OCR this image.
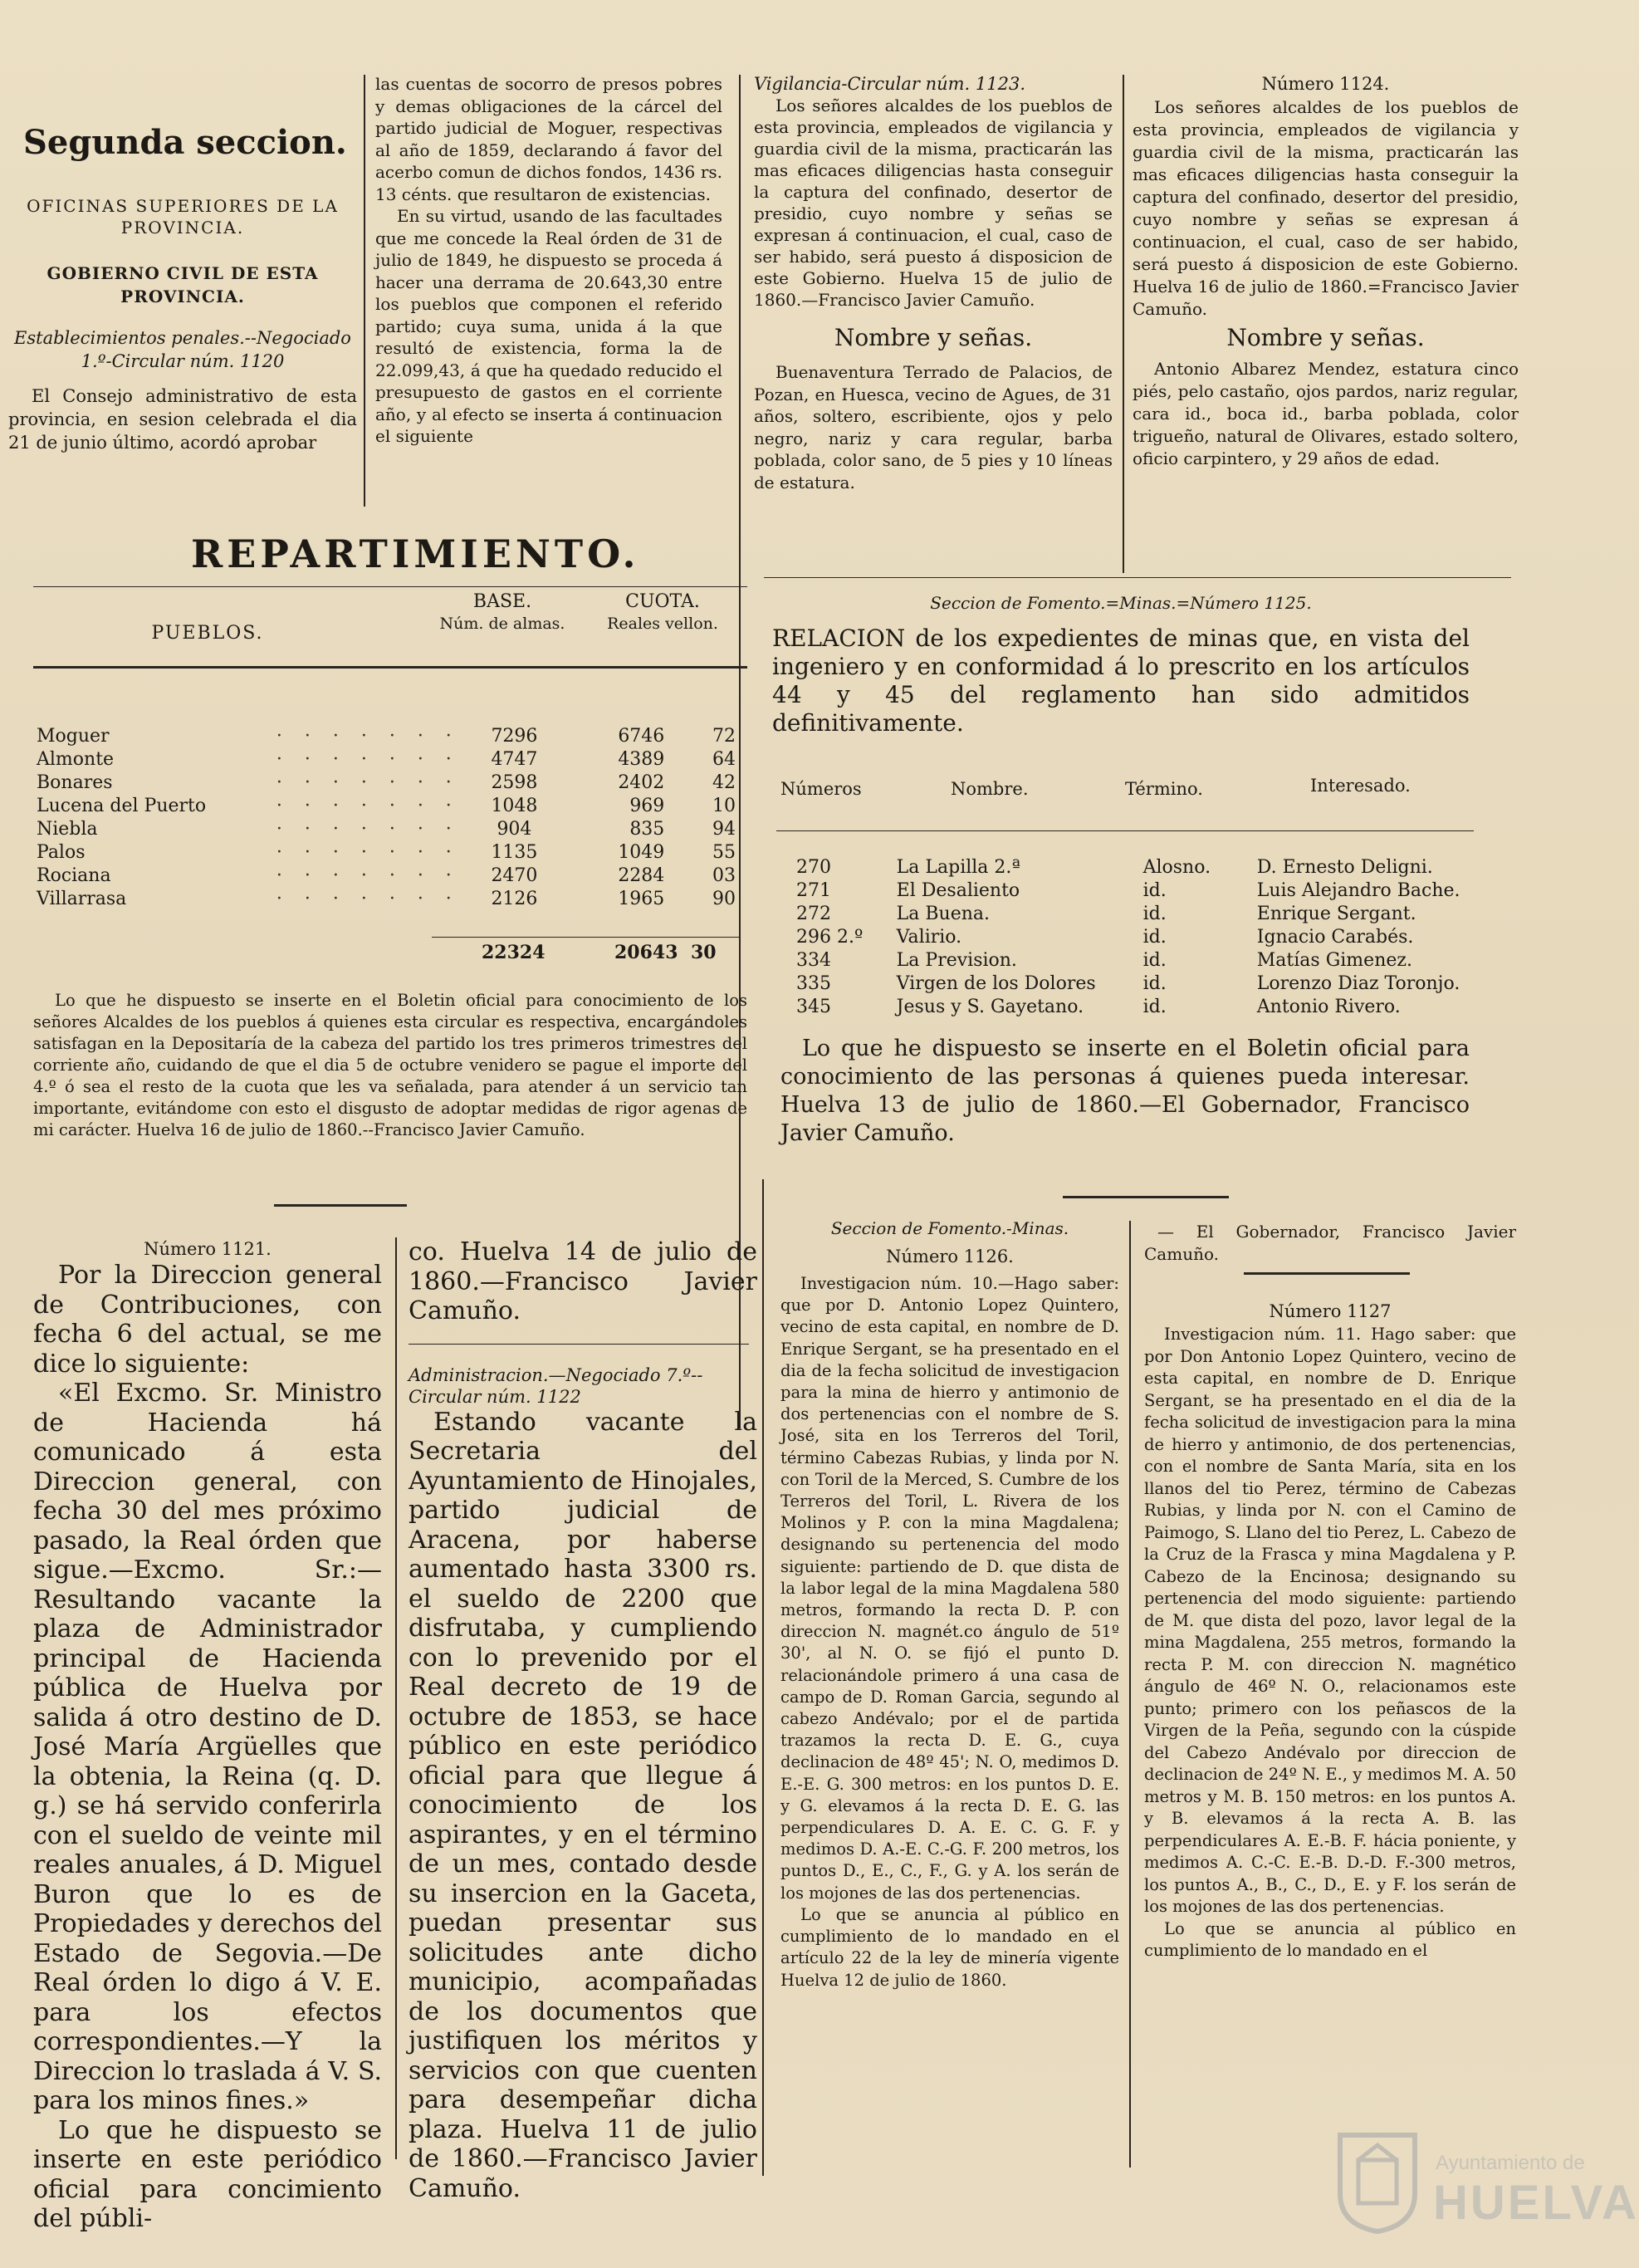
Segunda seccion.
OFICINAS SUPERIORES DE LA PROVINCIA.
GOBIERNO CIVIL DE ESTA PROVINCIA.
Establecimientos penales.--Negociado 1.º-Circular núm. 1120

El Consejo administrativo de esta provincia, en sesion celebrada el dia 21 de junio último, acordó aprobar

las cuentas de socorro de presos pobres y demas obligaciones de la cárcel del partido judicial de Moguer, respectivas al año de 1859, declarando á favor del acerbo comun de dichos fondos, 1436 rs. 13 cénts. que resultaron de existencias.

En su virtud, usando de las facultades que me concede la Real órden de 31 de julio de 1849, he dispuesto se proceda á hacer una derrama de 20.643,30 entre los pueblos que componen el referido partido; cuya suma, unida á la que resultó de existencia, forma la de 22.099,43, á que ha quedado reducido el presupuesto de gastos en el corriente año, y al efecto se inserta á continuacion el siguiente

Vigilancia-Circular núm. 1123.

Los señores alcaldes de los pueblos de esta provincia, empleados de vigilancia y guardia civil de la misma, practicarán las mas eficaces diligencias hasta conseguir la captura del confinado, desertor de presidio, cuyo nombre y señas se expresan á continuacion, el cual, caso de ser habido, será puesto á disposicion de este Gobierno. Huelva 15 de julio de 1860.—Francisco Javier Camuño.

Nombre y señas.

Buenaventura Terrado de Palacios, de Pozan, en Huesca, vecino de Agues, de 31 años, soltero, escribiente, ojos y pelo negro, nariz y cara regular, barba poblada, color sano, de 5 pies y 10 líneas de estatura.

Número 1124.

Los señores alcaldes de los pueblos de esta provincia, empleados de vigilancia y guardia civil de la misma, practicarán las mas eficaces diligencias hasta conseguir la captura del confinado, desertor del presidio, cuyo nombre y señas se expresan á continuacion, el cual, caso de ser habido, será puesto á disposicion de este Gobierno. Huelva 16 de julio de 1860.=Francisco Javier Camuño.

Nombre y señas.

Antonio Albarez Mendez, estatura cinco piés, pelo castaño, ojos pardos, nariz regular, cara id., boca id., barba poblada, color trigueño, natural de Olivares, estado soltero, oficio carpintero, y 29 años de edad.

REPARTIMIENTO.
BASE.	CUOTA.
PUEBLOS.	Núm. de almas.	Reales vellon.
Moguer	· · · · · · ·	7296	6746	72
Almonte	· · · · · · ·	4747	4389	64
Bonares	· · · · · · ·	2598	2402	42
Lucena del Puerto	· · · · · · ·	1048	969	10
Niebla	· · · · · · ·	904	835	94
Palos	· · · · · · ·	1135	1049	55
Rociana	· · · · · · ·	2470	2284	03
Villarrasa	· · · · · · ·	2126	1965	90
22324	20643 30

Lo que he dispuesto se inserte en el Boletin oficial para conocimiento de los señores Alcaldes de los pueblos á quienes esta circular es respectiva, encargándoles satisfagan en la Depositaría de la cabeza del partido los tres primeros trimestres del corriente año, cuidando de que el dia 5 de octubre venidero se pague el importe del 4.º ó sea el resto de la cuota que les va señalada, para atender á un servicio tan importante, evitándome con esto el disgusto de adoptar medidas de rigor agenas de mi carácter. Huelva 16 de julio de 1860.--Francisco Javier Camuño.

Seccion de Fomento.=Minas.=Número 1125.

RELACION de los expedientes de minas que, en vista del ingeniero y en conformidad á lo prescrito en los artículos 44 y 45 del reglamento han sido admitidos definitivamente.

Números	Nombre.	Término.	Interesado.
270	La Lapilla 2.ª	Alosno.	D. Ernesto Deligni.
271	El Desaliento	id.	Luis Alejandro Bache.
272	La Buena.	id.	Enrique Sergant.
296 2.º	Valirio.	id.	Ignacio Carabés.
334	La Prevision.	id.	Matías Gimenez.
335	Virgen de los Dolores	id.	Lorenzo Diaz Toronjo.
345	Jesus y S. Gayetano.	id.	Antonio Rivero.

Lo que he dispuesto se inserte en el Boletin oficial para conocimiento de las personas á quienes pueda interesar. Huelva 13 de julio de 1860.—El Gobernador, Francisco Javier Camuño.

Número 1121.

Por la Direccion general de Contribuciones, con fecha 6 del actual, se me dice lo siguiente:

«El Excmo. Sr. Ministro de Hacienda há comunicado á esta Direccion general, con fecha 30 del mes próximo pasado, la Real órden que sigue.—Excmo. Sr.:—Resultando vacante la plaza de Administrador principal de Hacienda pública de Huelva por salida á otro destino de D. José María Argüelles que la obtenia, la Reina (q. D. g.) se há servido conferirla con el sueldo de veinte mil reales anuales, á D. Miguel Buron que lo es de Propiedades y derechos del Estado de Segovia.—De Real órden lo digo á V. E. para los efectos correspondientes.—Y la Direccion lo traslada á V. S. para los minos fines.»

Lo que he dispuesto se inserte en este periódico oficial para concimiento del públi-

co. Huelva 14 de julio de 1860.—Francisco Javier Camuño.

Administracion.—Negociado 7.º--Circular núm. 1122

Estando vacante la Secretaria del Ayuntamiento de Hinojales, partido judicial de Aracena, por haberse aumentado hasta 3300 rs. el sueldo de 2200 que disfrutaba, y cumpliendo con lo prevenido por el Real decreto de 19 de octubre de 1853, se hace público en este periódico oficial para que llegue á conocimiento de los aspirantes, y en el término de un mes, contado desde su insercion en la Gaceta, puedan presentar sus solicitudes ante dicho municipio, acompañadas de los documentos que justifiquen los méritos y servicios con que cuenten para desempeñar dicha plaza. Huelva 11 de julio de 1860.—Francisco Javier Camuño.

Seccion de Fomento.-Minas.
Número 1126.

Investigacion núm. 10.—Hago saber: que por D. Antonio Lopez Quintero, vecino de esta capital, en nombre de D. Enrique Sergant, se ha presentado en el dia de la fecha solicitud de investigacion para la mina de hierro y antimonio de dos pertenencias con el nombre de S. José, sita en los Terreros del Toril, término Cabezas Rubias, y linda por N. con Toril de la Merced, S. Cumbre de los Terreros del Toril, L. Rivera de los Molinos y P. con la mina Magdalena; designando su pertenencia del modo siguiente: partiendo de D. que dista de la labor legal de la mina Magdalena 580 metros, formando la recta D. P. con direccion N. magnét.co ángulo de 51º 30', al N. O. se fijó el punto D. relacionándole primero á una casa de campo de D. Roman Garcia, segundo al cabezo Andévalo; por el de partida trazamos la recta D. E. G., cuya declinacion de 48º 45'; N. O, medimos D. E.-E. G. 300 metros: en los puntos D. E. y G. elevamos á la recta D. E. G. las perpendiculares D. A. E. C. G. F. y medimos D. A.-E. C.-G. F. 200 metros, los puntos D., E., C., F., G. y A. los serán de los mojones de las dos pertenencias.

Lo que se anuncia al público en cumplimiento de lo mandado en el artículo 22 de la ley de minería vigente Huelva 12 de julio de 1860.

— El Gobernador, Francisco Javier Camuño.

Número 1127

Investigacion núm. 11. Hago saber: que por Don Antonio Lopez Quintero, vecino de esta capital, en nombre de D. Enrique Sergant, se ha presentado en el dia de la fecha solicitud de investigacion para la mina de hierro y antimonio, de dos pertenencias, con el nombre de Santa María, sita en los llanos del tio Perez, término de Cabezas Rubias, y linda por N. con el Camino de Paimogo, S. Llano del tio Perez, L. Cabezo de la Cruz de la Frasca y mina Magdalena y P. Cabezo de la Encinosa; designando su pertenencia del modo siguiente: partiendo de M. que dista del pozo, lavor legal de la mina Magdalena, 255 metros, formando la recta P. M. con direccion N. magnético ángulo de 46º N. O., relacionamos este punto; primero con los peñascos de la Virgen de la Peña, segundo con la cúspide del Cabezo Andévalo por direccion de declinacion de 24º N. E., y medimos M. A. 50 metros y M. B. 150 metros: en los puntos A. y B. elevamos á la recta A. B. las perpendiculares A. E.-B. F. hácia poniente, y medimos A. C.-C. E.-B. D.-D. F.-300 metros, los puntos A., B., C., D., E. y F. los serán de los mojones de las dos pertenencias.

Lo que se anuncia al público en cumplimiento de lo mandado en el

Ayuntamiento de
HUELVA
